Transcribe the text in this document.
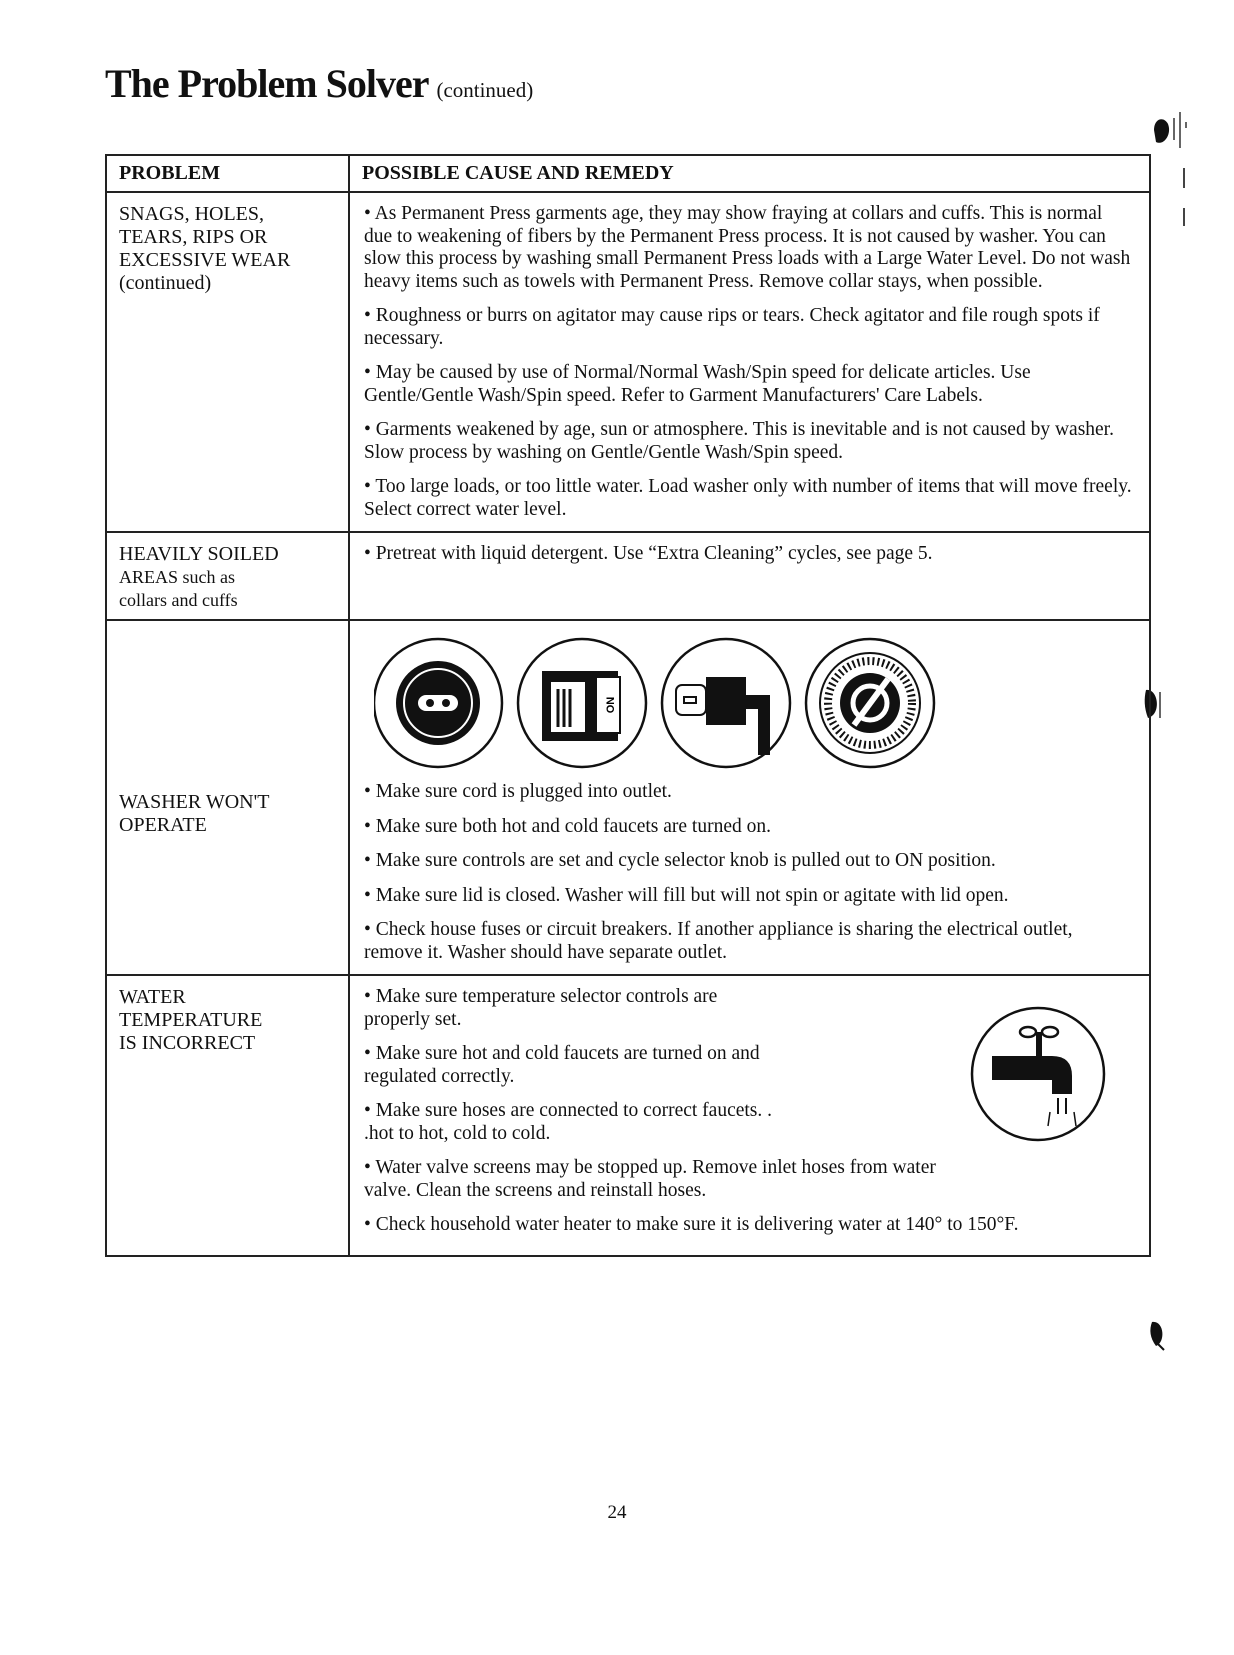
The Problem Solver (continued)
PROBLEM	POSSIBLE CAUSE AND REMEDY
SNAGS, HOLES,
TEARS, RIPS OR
EXCESSIVE WEAR
(continued)

• As Permanent Press garments age, they may show fraying at collars and cuffs. This is normal due to weakening of fibers by the Permanent Press process. It is not caused by washer. You can slow this process by washing small Permanent Press loads with a Large Water Level. Do not wash heavy items such as towels with Permanent Press. Remove collar stays, when possible.

• Roughness or burrs on agitator may cause rips or tears. Check agitator and file rough spots if necessary.

• May be caused by use of Normal/Normal Wash/Spin speed for delicate articles. Use Gentle/Gentle Wash/Spin speed. Refer to Garment Manufacturers' Care Labels.

• Garments weakened by age, sun or atmosphere. This is inevitable and is not caused by washer. Slow process by washing on Gentle/Gentle Wash/Spin speed.

• Too large loads, or too little water. Load washer only with number of items that will move freely. Select correct water level.

HEAVILY SOILED
AREAS such as
collars and cuffs

• Pretreat with liquid detergent. Use “Extra Cleaning” cycles, see page 5.

WASHER WON'T
OPERATE
ON

• Make sure cord is plugged into outlet.

• Make sure both hot and cold faucets are turned on.

• Make sure controls are set and cycle selector knob is pulled out to ON position.

• Make sure lid is closed. Washer will fill but will not spin or agitate with lid open.

• Check house fuses or circuit breakers. If another appliance is sharing the electrical outlet, remove it. Washer should have separate outlet.

WATER
TEMPERATURE
IS INCORRECT

• Make sure temperature selector controls are properly set.

• Make sure hot and cold faucets are turned on and regulated correctly.

• Make sure hoses are connected to correct faucets. . .hot to hot, cold to cold.

• Water valve screens may be stopped up. Remove inlet hoses from water valve. Clean the screens and reinstall hoses.

• Check household water heater to make sure it is delivering water at 140° to 150°F.

24
